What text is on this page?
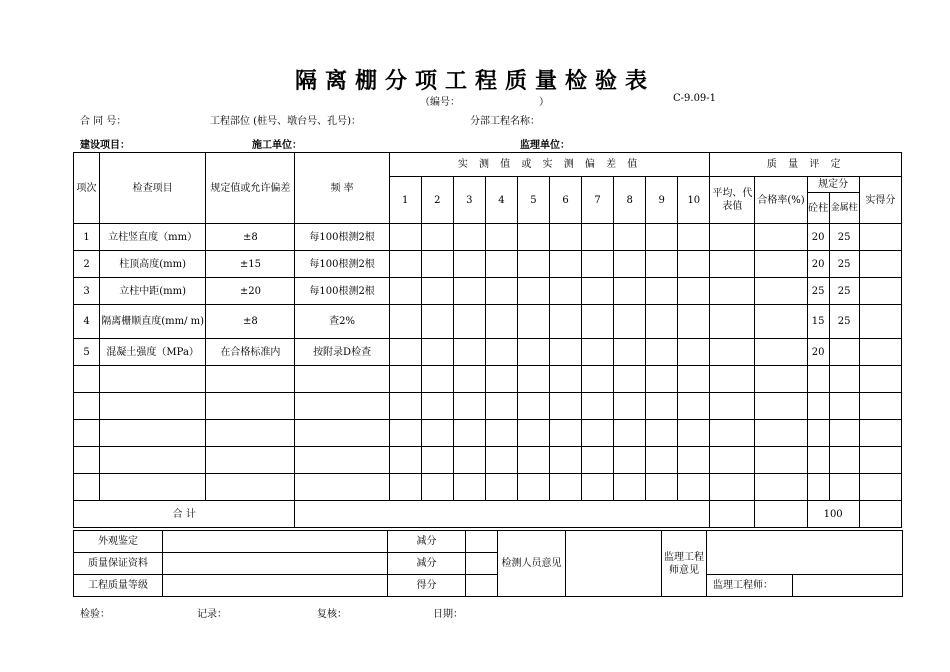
隔离棚分项工程质量检验表
（编号：	）	C-9.09-1
合 同 号：	工程部位 (桩号、墩台号、孔号)：	分部工程名称：
建设项目：	施工单位：	监理单位：
项次	检查项目	规定值或允许偏差	频 率	实 测 值 或 实 测 偏 差 值										质 量 评 定				
				1	2	3	4	5	6	7	8	9	10	平均、代表值	合格率(%)	规定分		实得分
																砼柱	金属柱	
1	立柱竖直度（mm）	±8	每100根测2根													20	25	
2	柱顶高度(mm)	±15	每100根测2根													20	25	
3	立柱中距(mm)	±20	每100根测2根													25	25	
4	隔离栅顺直度(mm/ m)	±8	查2%													15	25	
5	混凝土强度（MPa）	在合格标准内	按附录D检查													20		

合 计																100		
外观鉴定		减分		检测人员意见		监理工程师意见		
质量保证资料		减分						
工程质量等级		得分					监理工程师：	
检验：	记录：	复核：	日期：
